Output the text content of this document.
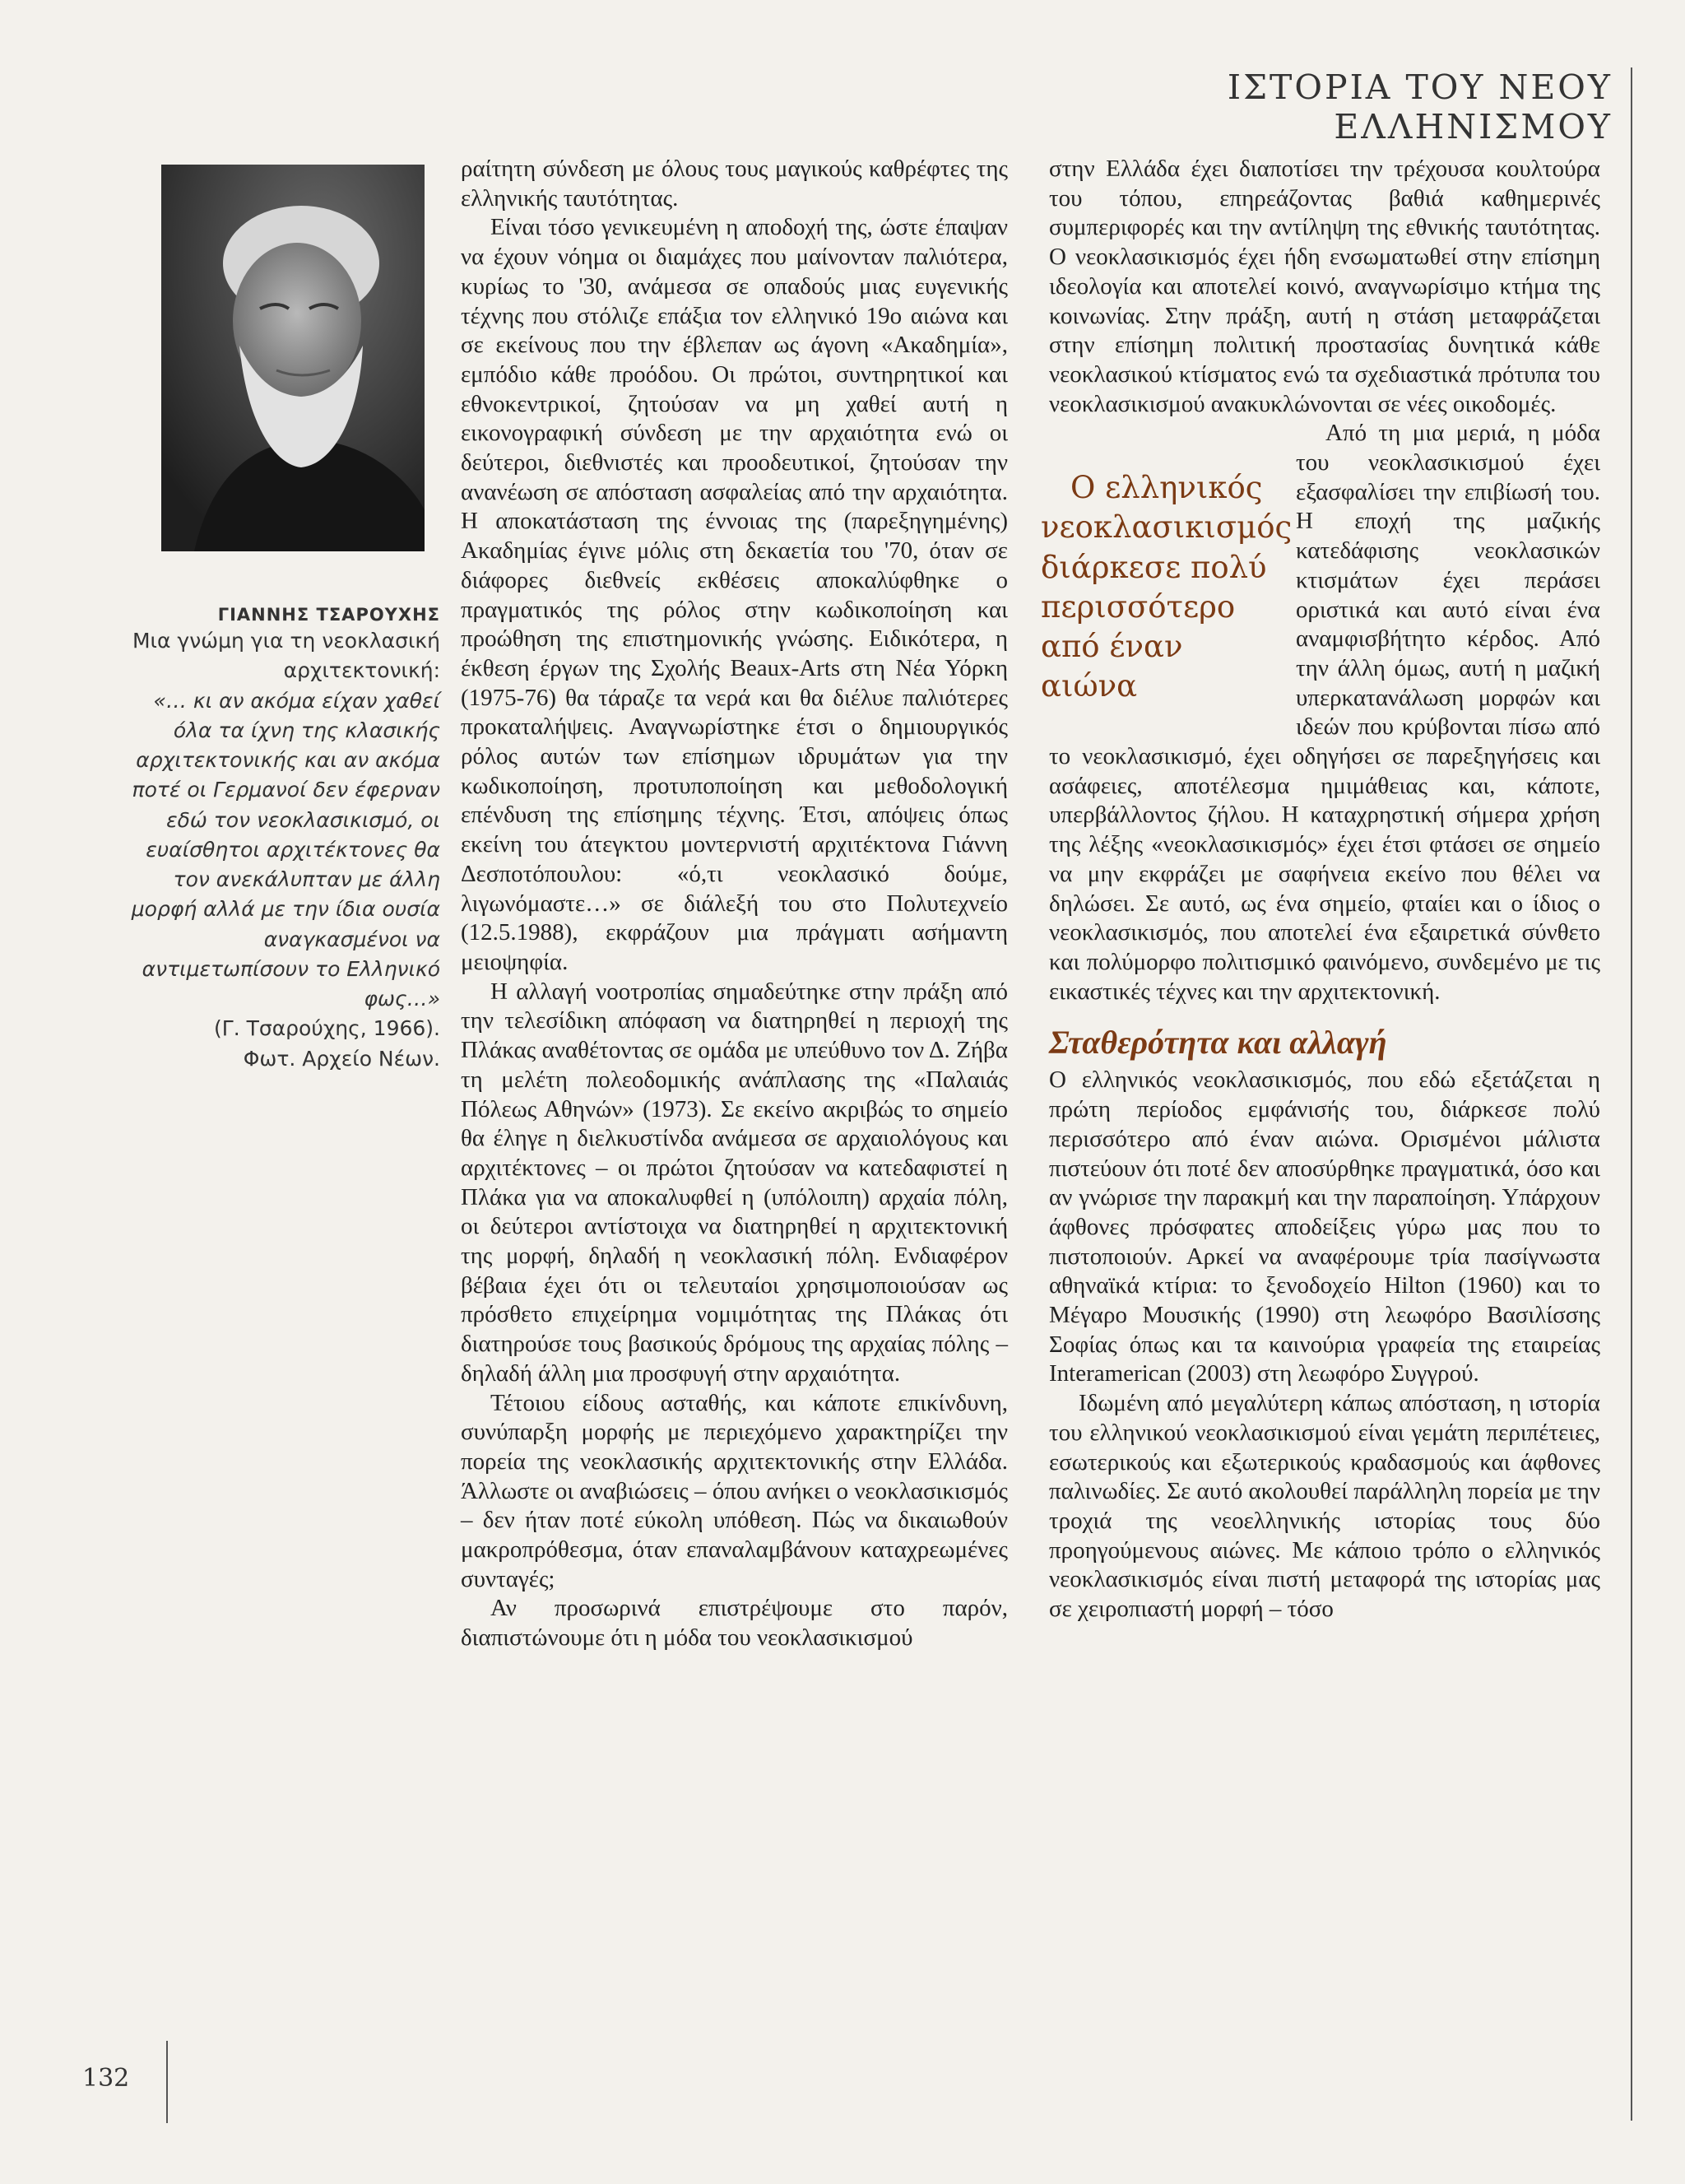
ΙΣΤΟΡΙΑ ΤΟΥ ΝΕΟΥ ΕΛΛΗΝΙΣΜΟΥ
132
ΓΙΑΝΝΗΣ ΤΣΑΡΟΥΧΗΣ
Μια γνώμη για τη νεοκλασική αρχιτεκτονική:
«… κι αν ακόμα είχαν χαθεί όλα τα ίχνη της κλασικής αρχιτεκτονικής και αν ακόμα ποτέ οι Γερμανοί δεν έφερναν εδώ τον νεοκλασικισμό, οι ευαίσθητοι αρχιτέκτονες θα τον ανεκάλυπταν με άλλη μορφή αλλά με την ίδια ουσία αναγκασμένοι να αντιμετωπίσουν το Ελληνικό φως…»
(Γ. Τσαρούχης, 1966).
Φωτ. Αρχείο Νέων.

ραίτητη σύνδεση με όλους τους μαγικούς καθρέφτες της ελληνικής ταυτότητας.

Είναι τόσο γενικευμένη η αποδοχή της, ώστε έπαψαν να έχουν νόημα οι διαμάχες που μαίνονταν παλιότερα, κυρίως το '30, ανάμεσα σε οπαδούς μιας ευγενικής τέχνης που στόλιζε επάξια τον ελληνικό 19ο αιώνα και σε εκείνους που την έβλεπαν ως άγονη «Ακαδημία», εμπόδιο κάθε προόδου. Οι πρώτοι, συντηρητικοί και εθνοκεντρικοί, ζητούσαν να μη χαθεί αυτή η εικονογραφική σύνδεση με την αρχαιότητα ενώ οι δεύτεροι, διεθνιστές και προοδευτικοί, ζητούσαν την ανανέωση σε απόσταση ασφαλείας από την αρχαιότητα. Η αποκατάσταση της έννοιας της (παρεξηγημένης) Ακαδημίας έγινε μόλις στη δεκαετία του '70, όταν σε διάφορες διεθνείς εκθέσεις αποκαλύφθηκε ο πραγματικός της ρόλος στην κωδικοποίηση και προώθηση της επιστημονικής γνώσης. Ειδικότερα, η έκθεση έργων της Σχολής Beaux-Arts στη Νέα Υόρκη (1975-76) θα τάραζε τα νερά και θα διέλυε παλιότερες προκαταλήψεις. Αναγνωρίστηκε έτσι ο δημιουργικός ρόλος αυτών των επίσημων ιδρυμάτων για την κωδικοποίηση, προτυποποίηση και μεθοδολογική επένδυση της επίσημης τέχνης. Έτσι, απόψεις όπως εκείνη του άτεγκτου μοντερνιστή αρχιτέκτονα Γιάννη Δεσποτόπουλου: «ό,τι νεοκλασικό δούμε, λιγωνόμαστε…» σε διάλεξή του στο Πολυτεχνείο (12.5.1988), εκφράζουν μια πράγματι ασήμαντη μειοψηφία.

Η αλλαγή νοοτροπίας σημαδεύτηκε στην πράξη από την τελεσίδικη απόφαση να διατηρηθεί η περιοχή της Πλάκας αναθέτοντας σε ομάδα με υπεύθυνο τον Δ. Ζήβα τη μελέτη πολεοδομικής ανάπλασης της «Παλαιάς Πόλεως Αθηνών» (1973). Σε εκείνο ακριβώς το σημείο θα έληγε η διελκυστίνδα ανάμεσα σε αρχαιολόγους και αρχιτέκτονες – οι πρώτοι ζητούσαν να κατεδαφιστεί η Πλάκα για να αποκαλυφθεί η (υπόλοιπη) αρχαία πόλη, οι δεύτεροι αντίστοιχα να διατηρηθεί η αρχιτεκτονική της μορφή, δηλαδή η νεοκλασική πόλη. Ενδιαφέρον βέβαια έχει ότι οι τελευταίοι χρησιμοποιούσαν ως πρόσθετο επιχείρημα νομιμότητας της Πλάκας ότι διατηρούσε τους βασικούς δρόμους της αρχαίας πόλης – δηλαδή άλλη μια προσφυγή στην αρχαιότητα.

Τέτοιου είδους ασταθής, και κάποτε επικίνδυνη, συνύπαρξη μορφής με περιεχόμενο χαρακτηρίζει την πορεία της νεοκλασικής αρχιτεκτονικής στην Ελλάδα. Άλλωστε οι αναβιώσεις – όπου ανήκει ο νεοκλασικισμός – δεν ήταν ποτέ εύκολη υπόθεση. Πώς να δικαιωθούν μακροπρόθεσμα, όταν επαναλαμβάνουν καταχρεωμένες συνταγές;

Αν προσωρινά επιστρέψουμε στο παρόν, διαπιστώνουμε ότι η μόδα του νεοκλασικισμού

στην Ελλάδα έχει διαποτίσει την τρέχουσα κουλτούρα του τόπου, επηρεάζοντας βαθιά καθημερινές συμπεριφορές και την αντίληψη της εθνικής ταυτότητας. Ο νεοκλασικισμός έχει ήδη ενσωματωθεί στην επίσημη ιδεολογία και αποτελεί κοινό, αναγνωρίσιμο κτήμα της κοινωνίας. Στην πράξη, αυτή η στάση μεταφράζεται στην επίσημη πολιτική προστασίας δυνητικά κάθε νεοκλασικού κτίσματος ενώ τα σχεδιαστικά πρότυπα του νεοκλασικισμού ανακυκλώνονται σε νέες οικοδομές.

Ο ελληνικός νεοκλασικισμός διάρκεσε πολύ περισσότερο από έναν αιώνα
Από τη μια μεριά, η μόδα του νεοκλασικισμού έχει εξασφαλίσει την επιβίωσή του. Η εποχή της μαζικής κατεδάφισης νεοκλασικών κτισμάτων έχει περάσει οριστικά και αυτό είναι ένα αναμφισβήτητο κέρδος. Από την άλλη όμως, αυτή η μαζική υπερκατανάλωση μορφών και ιδεών που κρύβονται πίσω από το νεοκλασικισμό, έχει οδηγήσει σε παρεξηγήσεις και ασάφειες, αποτέλεσμα ημιμάθειας και, κάποτε, υπερβάλλοντος ζήλου. Η καταχρηστική σήμερα χρήση της λέξης «νεοκλασικισμός» έχει έτσι φτάσει σε σημείο να μην εκφράζει με σαφήνεια εκείνο που θέλει να δηλώσει. Σε αυτό, ως ένα σημείο, φταίει και ο ίδιος ο νεοκλασικισμός, που αποτελεί ένα εξαιρετικά σύνθετο και πολύμορφο πολιτισμικό φαινόμενο, συνδεμένο με τις εικαστικές τέχνες και την αρχιτεκτονική.

Σταθερότητα και αλλαγή

Ο ελληνικός νεοκλασικισμός, που εδώ εξετάζεται η πρώτη περίοδος εμφάνισής του, διάρκεσε πολύ περισσότερο από έναν αιώνα. Ορισμένοι μάλιστα πιστεύουν ότι ποτέ δεν αποσύρθηκε πραγματικά, όσο και αν γνώρισε την παρακμή και την παραποίηση. Υπάρχουν άφθονες πρόσφατες αποδείξεις γύρω μας που το πιστοποιούν. Αρκεί να αναφέρουμε τρία πασίγνωστα αθηναϊκά κτίρια: το ξενοδοχείο Hilton (1960) και το Μέγαρο Μουσικής (1990) στη λεωφόρο Βασιλίσσης Σοφίας όπως και τα καινούρια γραφεία της εταιρείας Interamerican (2003) στη λεωφόρο Συγγρού.

Ιδωμένη από μεγαλύτερη κάπως απόσταση, η ιστορία του ελληνικού νεοκλασικισμού είναι γεμάτη περιπέτειες, εσωτερικούς και εξωτερικούς κραδασμούς και άφθονες παλινωδίες. Σε αυτό ακολουθεί παράλληλη πορεία με την τροχιά της νεοελληνικής ιστορίας τους δύο προηγούμενους αιώνες. Με κάποιο τρόπο ο ελληνικός νεοκλασικισμός είναι πιστή μεταφορά της ιστορίας μας σε χειροπιαστή μορφή – τόσο
